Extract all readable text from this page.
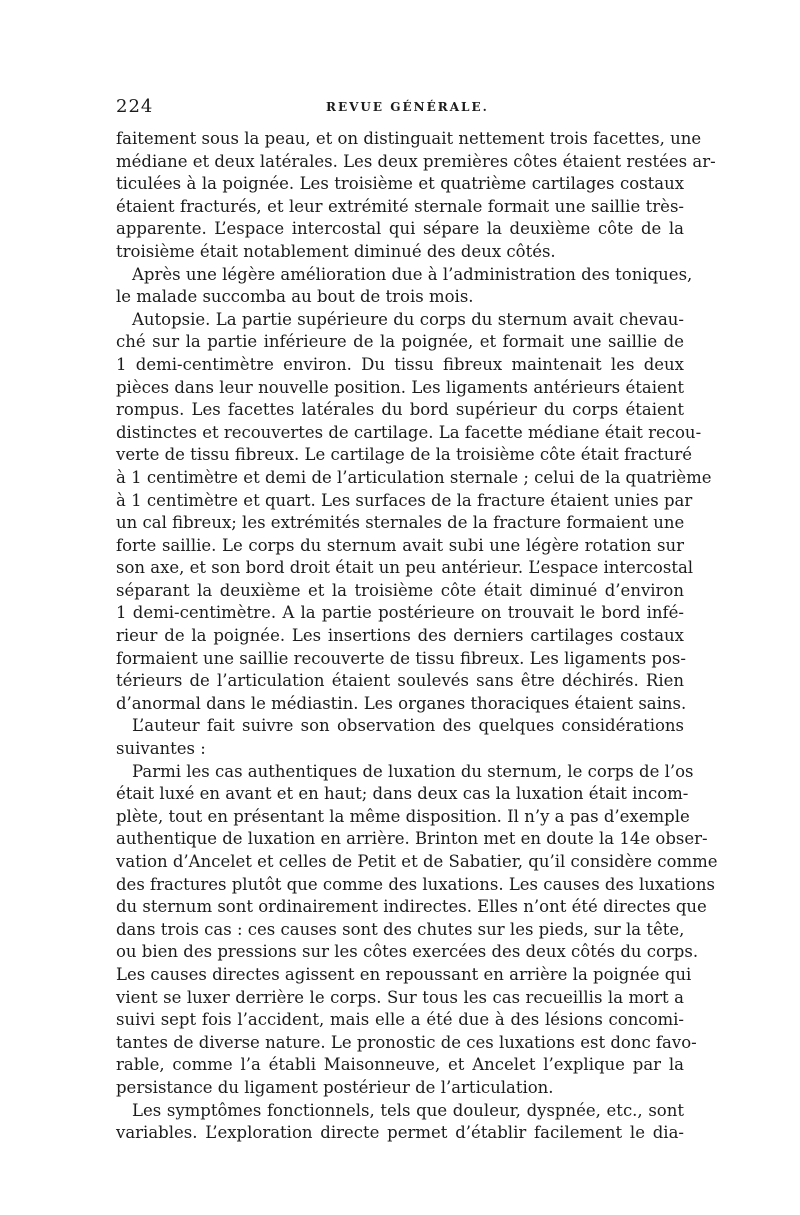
224	REVUE GÉNÉRALE.
faitement sous la peau, et on distinguait nettement trois facettes, une
médiane et deux latérales. Les deux premières côtes étaient restées ar-
ticulées à la poignée. Les troisième et quatrième cartilages costaux
étaient fracturés, et leur extrémité sternale formait une saillie très-
apparente. L’espace intercostal qui sépare la deuxième côte de la
troisième était notablement diminué des deux côtés.
Après une légère amélioration due à l’administration des toniques,
le malade succomba au bout de trois mois.
Autopsie. La partie supérieure du corps du sternum avait chevau-
ché sur la partie inférieure de la poignée, et formait une saillie de
1 demi-centimètre environ. Du tissu fibreux maintenait les deux
pièces dans leur nouvelle position. Les ligaments antérieurs étaient
rompus. Les facettes latérales du bord supérieur du corps étaient
distinctes et recouvertes de cartilage. La facette médiane était recou-
verte de tissu fibreux. Le cartilage de la troisième côte était fracturé
à 1 centimètre et demi de l’articulation sternale ; celui de la quatrième
à 1 centimètre et quart. Les surfaces de la fracture étaient unies par
un cal fibreux; les extrémités sternales de la fracture formaient une
forte saillie. Le corps du sternum avait subi une légère rotation sur
son axe, et son bord droit était un peu antérieur. L’espace intercostal
séparant la deuxième et la troisième côte était diminué d’environ
1 demi-centimètre. A la partie postérieure on trouvait le bord infé-
rieur de la poignée. Les insertions des derniers cartilages costaux
formaient une saillie recouverte de tissu fibreux. Les ligaments pos-
térieurs de l’articulation étaient soulevés sans être déchirés. Rien
d’anormal dans le médiastin. Les organes thoraciques étaient sains.
L’auteur fait suivre son observation des quelques considérations
suivantes :
Parmi les cas authentiques de luxation du sternum, le corps de l’os
était luxé en avant et en haut; dans deux cas la luxation était incom-
plète, tout en présentant la même disposition. Il n’y a pas d’exemple
authentique de luxation en arrière. Brinton met en doute la 14e obser-
vation d’Ancelet et celles de Petit et de Sabatier, qu’il considère comme
des fractures plutôt que comme des luxations. Les causes des luxations
du sternum sont ordinairement indirectes. Elles n’ont été directes que
dans trois cas : ces causes sont des chutes sur les pieds, sur la tête,
ou bien des pressions sur les côtes exercées des deux côtés du corps.
Les causes directes agissent en repoussant en arrière la poignée qui
vient se luxer derrière le corps. Sur tous les cas recueillis la mort a
suivi sept fois l’accident, mais elle a été due à des lésions concomi-
tantes de diverse nature. Le pronostic de ces luxations est donc favo-
rable, comme l’a établi Maisonneuve, et Ancelet l’explique par la
persistance du ligament postérieur de l’articulation.
Les symptômes fonctionnels, tels que douleur, dyspnée, etc., sont
variables. L’exploration directe permet d’établir facilement le dia-
